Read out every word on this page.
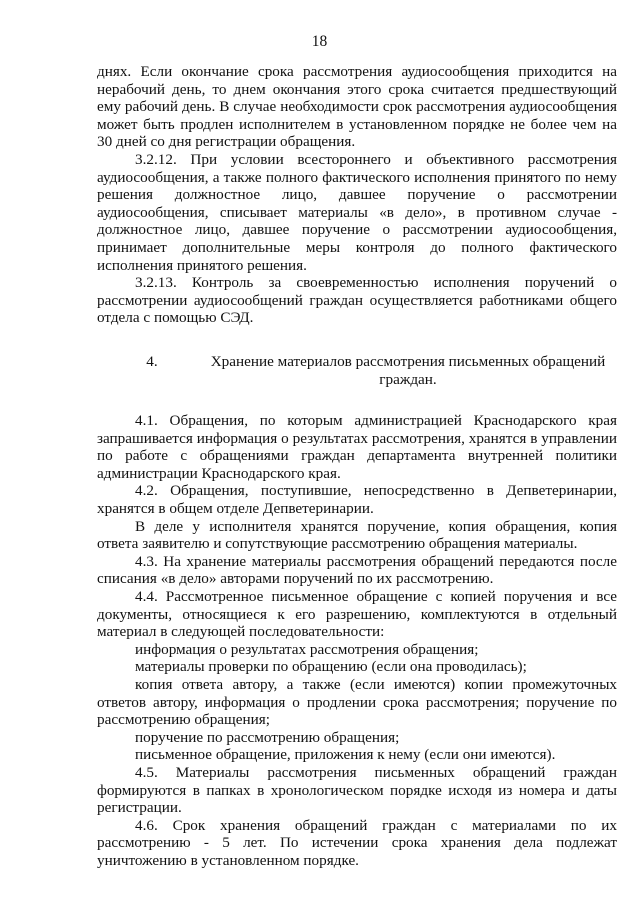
18

днях. Если окончание срока рассмотрения аудиосообщения приходится на нерабочий день, то днем окончания этого срока считается предшествующий ему рабочий день. В случае необходимости срок рассмотрения аудиосообщения может быть продлен исполнителем в установленном порядке не более чем на 30 дней со дня регистрации обращения.

3.2.12. При условии всестороннего и объективного рассмотрения аудиосообщения, а также полного фактического исполнения принятого по нему решения должностное лицо, давшее поручение о рассмотрении аудиосообщения, списывает материалы «в дело», в противном случае - должностное лицо, давшее поручение о рассмотрении аудиосообщения, принимает дополнительные меры контроля до полного фактического исполнения принятого решения.

3.2.13. Контроль за своевременностью исполнения поручений о рассмотрении аудиосообщений граждан осуществляется работниками общего отдела с помощью СЭД.

4.	Хранение материалов рассмотрения письменных обращений граждан.

4.1. Обращения, по которым администрацией Краснодарского края запрашивается информация о результатах рассмотрения, хранятся в управлении по работе с обращениями граждан департамента внутренней политики администрации Краснодарского края.

4.2. Обращения, поступившие, непосредственно в Депветеринарии, хранятся в общем отделе Депветеринарии.

В деле у исполнителя хранятся поручение, копия обращения, копия ответа заявителю и сопутствующие рассмотрению обращения материалы.

4.3. На хранение материалы рассмотрения обращений передаются после списания «в дело» авторами поручений по их рассмотрению.

4.4. Рассмотренное письменное обращение с копией поручения и все документы, относящиеся к его разрешению, комплектуются в отдельный материал в следующей последовательности:

информация о результатах рассмотрения обращения;

материалы проверки по обращению (если она проводилась);

копия ответа автору, а также (если имеются) копии промежуточных ответов автору, информация о продлении срока рассмотрения; поручение по рассмотрению обращения;

поручение по рассмотрению обращения;

письменное обращение, приложения к нему (если они имеются).

4.5. Материалы рассмотрения письменных обращений граждан формируются в папках в хронологическом порядке исходя из номера и даты регистрации.

4.6. Срок хранения обращений граждан с материалами по их рассмотрению - 5 лет. По истечении срока хранения дела подлежат уничтожению в установленном порядке.
